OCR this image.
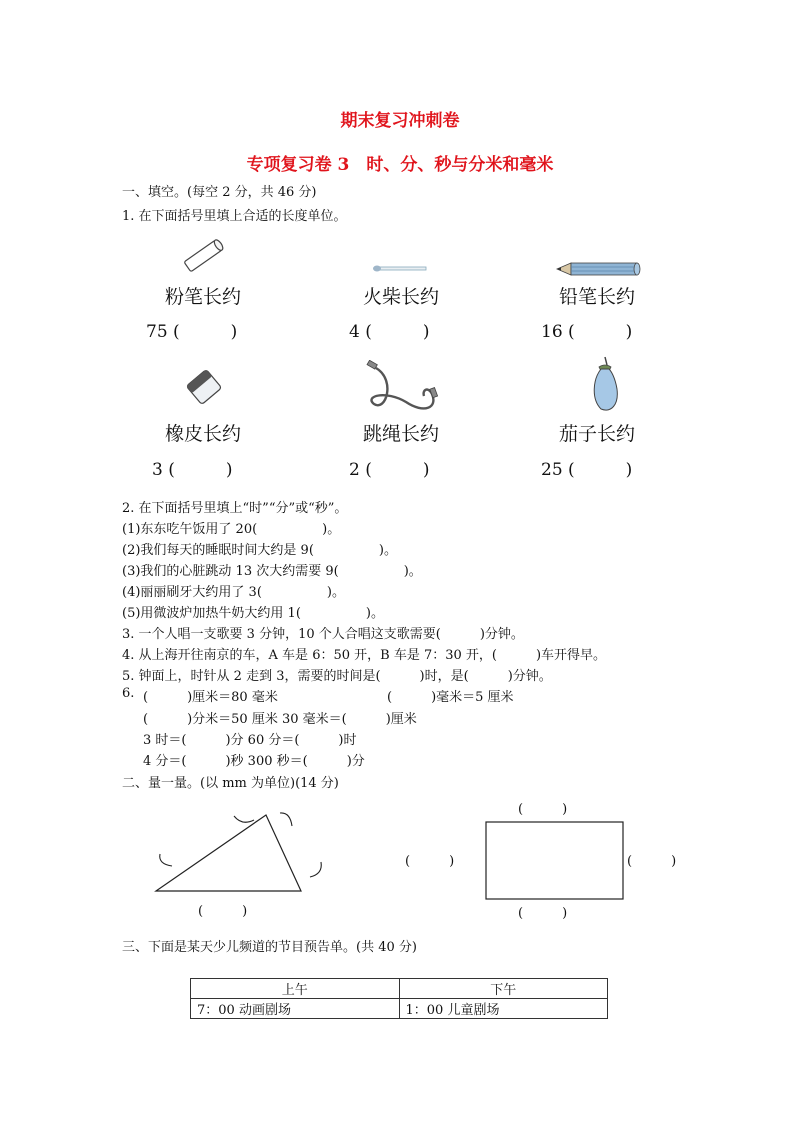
期末复习冲刺卷
专项复习卷 3　时、分、秒与分米和毫米
一、填空。(每空 2 分，共 46 分)
1. 在下面括号里填上合适的长度单位。
粉笔长约	火柴长约	铅笔长约
75 (　　　)	4 (　　　)	16 (　　　)
橡皮长约	跳绳长约	茄子长约
3 (　　　)	2 (　　　)	25 (　　　)
2. 在下面括号里填上“时”“分”或“秒”。
(1)东东吃午饭用了 20(　　　　　)。
(2)我们每天的睡眠时间大约是 9(　　　　　)。
(3)我们的心脏跳动 13 次大约需要 9(　　　　　)。
(4)丽丽刷牙大约用了 3(　　　　　)。
(5)用微波炉加热牛奶大约用 1(　　　　　)。
3. 一个人唱一支歌要 3 分钟，10 个人合唱这支歌需要(　　　)分钟。
4. 从上海开往南京的车，A 车是 6：50 开，B 车是 7：30 开，(　　　)车开得早。
5. 钟面上，时针从 2 走到 3，需要的时间是(　　　)时，是(　　　)分钟。
6. (　　　)厘米＝80 毫米	(　　　)毫米＝5 厘米
(　　　)分米＝50 厘米 30 毫米＝(　　　)厘米
3 时＝(　　　)分 60 分＝(　　　)时
4 分＝(　　　)秒 300 秒＝(　　　)分
二、量一量。(以 mm 为单位)(14 分)
(　　　)
(　　　)
(　　　)	(　　　)
(　　　)
三、下面是某天少儿频道的节目预告单。(共 40 分)
上午	下午
7：00 动画剧场	1：00 儿童剧场
